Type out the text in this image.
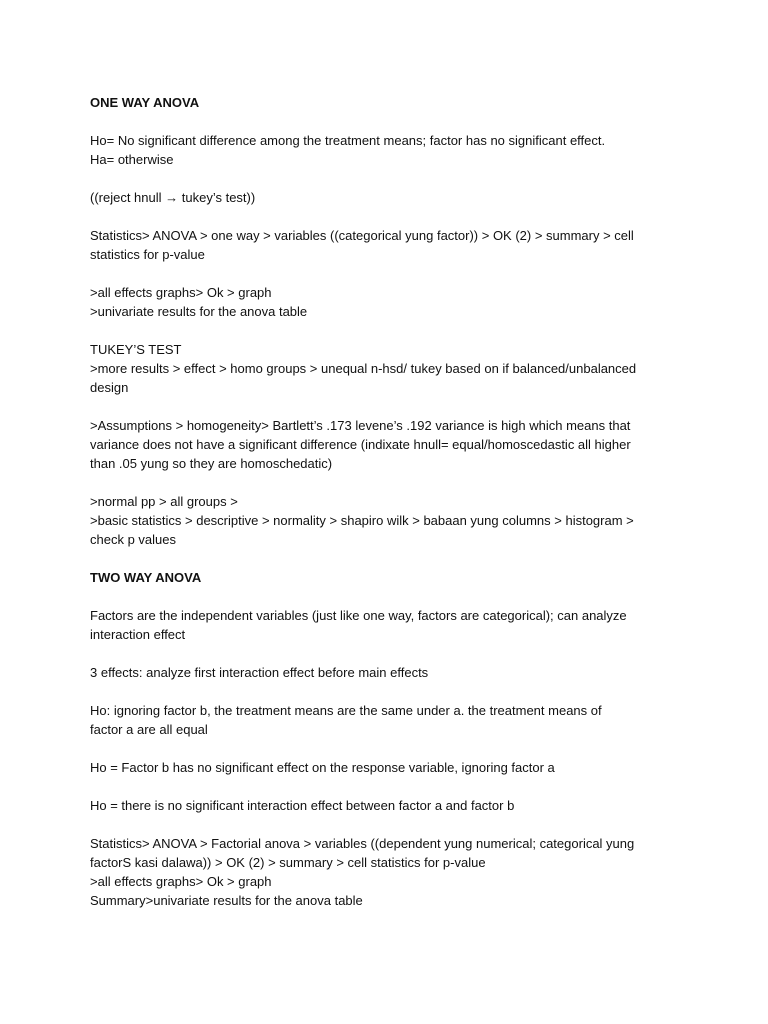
ONE WAY ANOVA

Ho= No significant difference among the treatment means; factor has no significant effect.

Ha= otherwise

((reject hnull → tukey’s test))

Statistics> ANOVA > one way > variables ((categorical yung factor)) > OK (2) > summary > cell

statistics for p-value

>all effects graphs> Ok > graph

>univariate results for the anova table

TUKEY’S TEST

>more results > effect > homo groups > unequal n-hsd/ tukey based on if balanced/unbalanced

design

>Assumptions > homogeneity> Bartlett’s .173 levene’s .192 variance is high which means that

variance does not have a significant difference (indixate hnull= equal/homoscedastic all higher

than .05 yung so they are homoschedatic)

>normal pp > all groups >

>basic statistics > descriptive > normality > shapiro wilk > babaan yung columns > histogram >

check p values

TWO WAY ANOVA

Factors are the independent variables (just like one way, factors are categorical); can analyze

interaction effect

3 effects: analyze first interaction effect before main effects

Ho: ignoring factor b, the treatment means are the same under a. the treatment means of

factor a are all equal

Ho = Factor b has no significant effect on the response variable, ignoring factor a

Ho = there is no significant interaction effect between factor a and factor b

Statistics> ANOVA > Factorial anova > variables ((dependent yung numerical; categorical yung

factorS kasi dalawa)) > OK (2) > summary > cell statistics for p-value

>all effects graphs> Ok > graph

Summary>univariate results for the anova table
